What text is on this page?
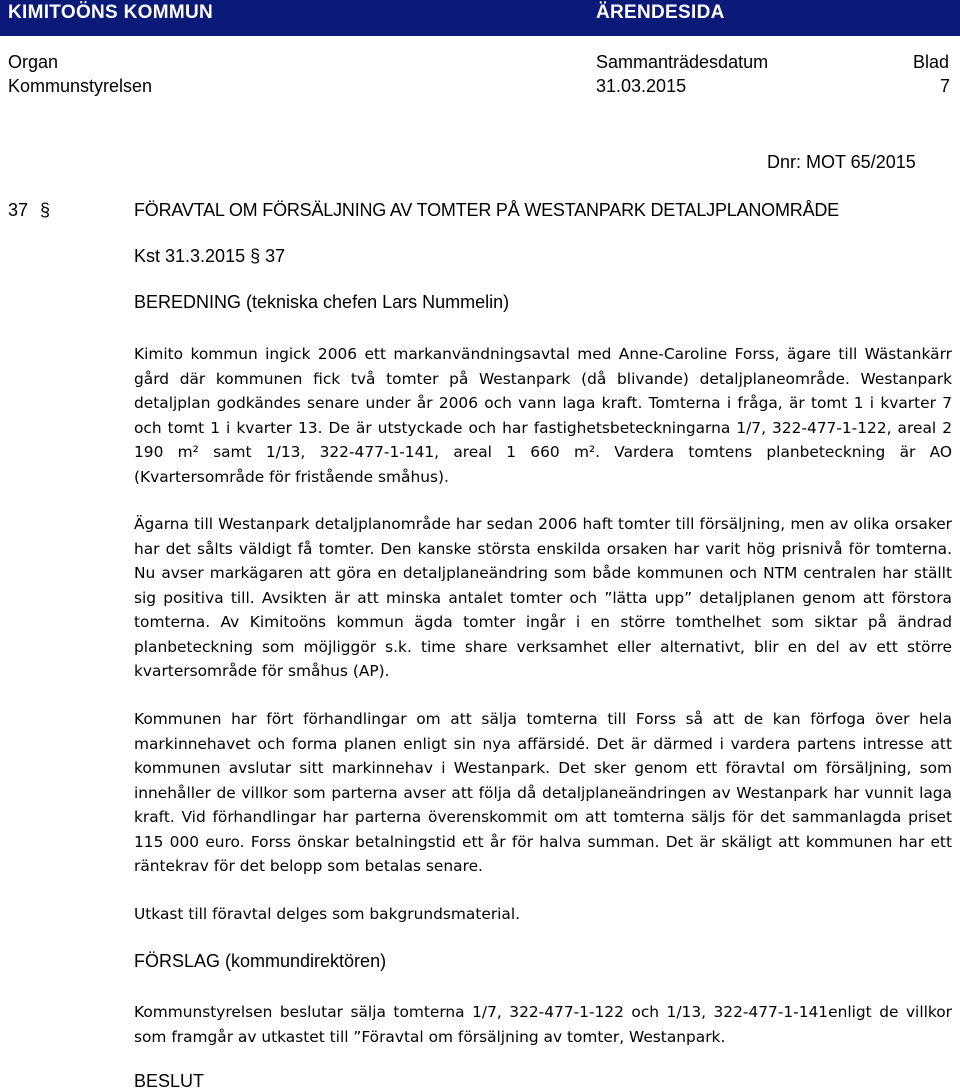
KIMITOÖNS KOMMUN	ÄRENDESIDA
Organ
Kommunstyrelsen
Sammanträdesdatum
31.03.2015
Blad
7
Dnr: MOT 65/2015
37 §	FÖRAVTAL OM FÖRSÄLJNING AV TOMTER PÅ WESTANPARK DETALJPLANOMRÅDE
Kst 31.3.2015 § 37
BEREDNING (tekniska chefen Lars Nummelin)
Kimito kommun ingick 2006 ett markanvändningsavtal med Anne-Caroline Forss, ägare till Wästankärr gård där kommunen fick två tomter på Westanpark (då blivande) detaljplaneområde. Westanpark detaljplan godkändes senare under år 2006 och vann laga kraft. Tomterna i fråga, är tomt 1 i kvarter 7 och tomt 1 i kvarter 13. De är utstyckade och har fastighetsbeteckningarna 1/7, 322-477-1-122, areal 2 190 m² samt 1/13, 322-477-1-141, areal 1 660 m². Vardera tomtens planbeteckning är AO (Kvartersområde för fristående småhus).
Ägarna till Westanpark detaljplanområde har sedan 2006 haft tomter till försäljning, men av olika orsaker har det sålts väldigt få tomter. Den kanske största enskilda orsaken har varit hög prisnivå för tomterna. Nu avser markägaren att göra en detaljplaneändring som både kommunen och NTM centralen har ställt sig positiva till. Avsikten är att minska antalet tomter och ”lätta upp” detaljplanen genom att förstora tomterna. Av Kimitoöns kommun ägda tomter ingår i en större tomthelhet som siktar på ändrad planbeteckning som möjliggör s.k. time share verksamhet eller alternativt, blir en del av ett större kvartersområde för småhus (AP).
Kommunen har fört förhandlingar om att sälja tomterna till Forss så att de kan förfoga över hela markinnehavet och forma planen enligt sin nya affärsidé. Det är därmed i vardera partens intresse att kommunen avslutar sitt markinnehav i Westanpark. Det sker genom ett föravtal om försäljning, som innehåller de villkor som parterna avser att följa då detaljplaneändringen av Westanpark har vunnit laga kraft. Vid förhandlingar har parterna överenskommit om att tomterna säljs för det sammanlagda priset 115 000 euro. Forss önskar betalningstid ett år för halva summan. Det är skäligt att kommunen har ett räntekrav för det belopp som betalas senare.
Utkast till föravtal delges som bakgrundsmaterial.
FÖRSLAG (kommundirektören)
Kommunstyrelsen beslutar sälja tomterna 1/7, 322-477-1-122 och 1/13, 322-477-1-141enligt de villkor som framgår av utkastet till ”Föravtal om försäljning av tomter, Westanpark.
BESLUT
